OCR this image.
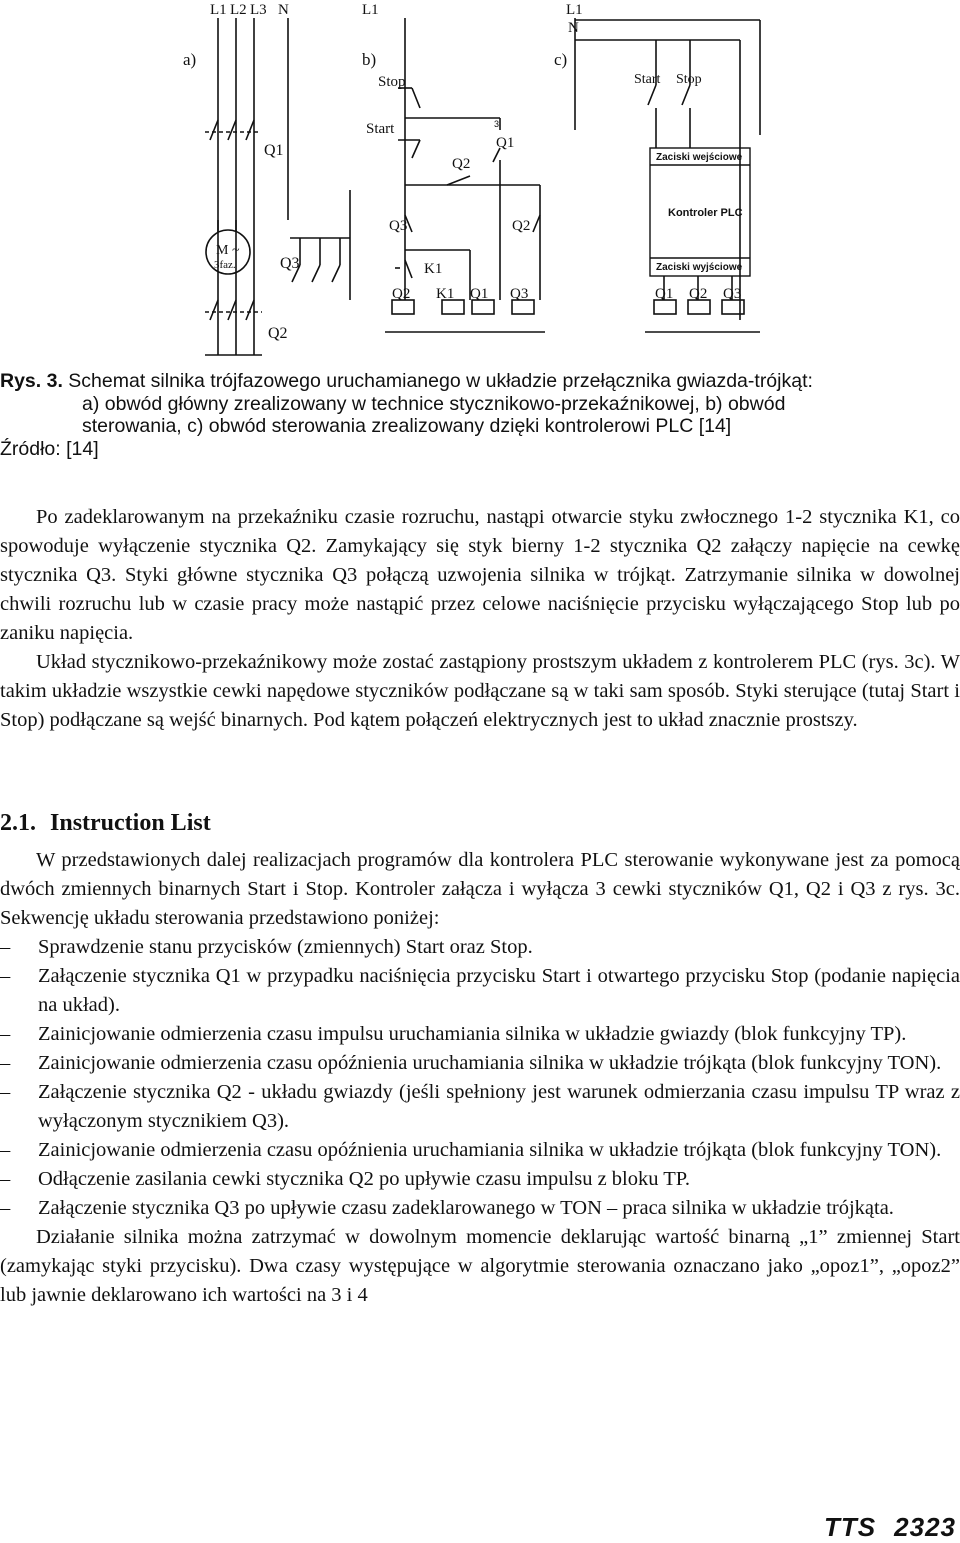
L1 L2 L3 N
a)
Q1
M ~
3faz.	Q3
Q2
L1
b)
Stop
Start	3
Q1
Q2
Q3	Q2
K1
Q2 K1 Q1 Q3
L1
N
c)
Start Stop
Zaciski wejściowe
Kontroler PLC
Zaciski wyjściowe
Q1 Q2 Q3
Rys. 3. Schemat silnika trójfazowego uruchamianego w układzie przełącznika gwiazda-trójkąt:
a) obwód główny zrealizowany w technice stycznikowo-przekaźnikowej, b) obwód
sterowania, c) obwód sterowania zrealizowany dzięki kontrolerowi PLC [14]
Źródło: [14]

Po zadeklarowanym na przekaźniku czasie rozruchu, nastąpi otwarcie styku zwłocznego 1-2 stycznika K1, co spowoduje wyłączenie stycznika Q2. Zamykający się styk bierny 1-2 stycznika Q2 załączy napięcie na cewkę stycznika Q3. Styki główne stycznika Q3 połączą uzwojenia silnika w trójkąt. Zatrzymanie silnika w dowolnej chwili rozruchu lub w czasie pracy może nastąpić przez celowe naciśnięcie przycisku wyłączającego Stop lub po zaniku napięcia.

Układ stycznikowo-przekaźnikowy może zostać zastąpiony prostszym układem z kontrolerem PLC (rys. 3c). W takim układzie wszystkie cewki napędowe styczników podłączane są w taki sam sposób. Styki sterujące (tutaj Start i Stop) podłączane są wejść binarnych. Pod kątem połączeń elektrycznych jest to układ znacznie prostszy.

2.1. Instruction List

W przedstawionych dalej realizacjach programów dla kontrolera PLC sterowanie wykonywane jest za pomocą dwóch zmiennych binarnych Start i Stop. Kontroler załącza i wyłącza 3 cewki styczników Q1, Q2 i Q3 z rys. 3c. Sekwencję układu sterowania przedstawiono poniżej:

– Sprawdzenie stanu przycisków (zmiennych) Start oraz Stop.
– Załączenie stycznika Q1 w przypadku naciśnięcia przycisku Start i otwartego przycisku Stop (podanie napięcia na układ).
– Zainicjowanie odmierzenia czasu impulsu uruchamiania silnika w układzie gwiazdy (blok funkcyjny TP).
– Zainicjowanie odmierzenia czasu opóźnienia uruchamiania silnika w układzie trójkąta (blok funkcyjny TON).
– Załączenie stycznika Q2 - układu gwiazdy (jeśli spełniony jest warunek odmierzania czasu impulsu TP wraz z wyłączonym stycznikiem Q3).
– Zainicjowanie odmierzenia czasu opóźnienia uruchamiania silnika w układzie trójkąta (blok funkcyjny TON).
– Odłączenie zasilania cewki stycznika Q2 po upływie czasu impulsu z bloku TP.
– Załączenie stycznika Q3 po upływie czasu zadeklarowanego w TON – praca silnika w układzie trójkąta.

Działanie silnika można zatrzymać w dowolnym momencie deklarując wartość binarną „1” zmiennej Start (zamykając styki przycisku). Dwa czasy występujące w algorytmie sterowania oznaczano jako „opoz1”, „opoz2” lub jawnie deklarowano ich wartości na 3 i 4

TTS 2323
